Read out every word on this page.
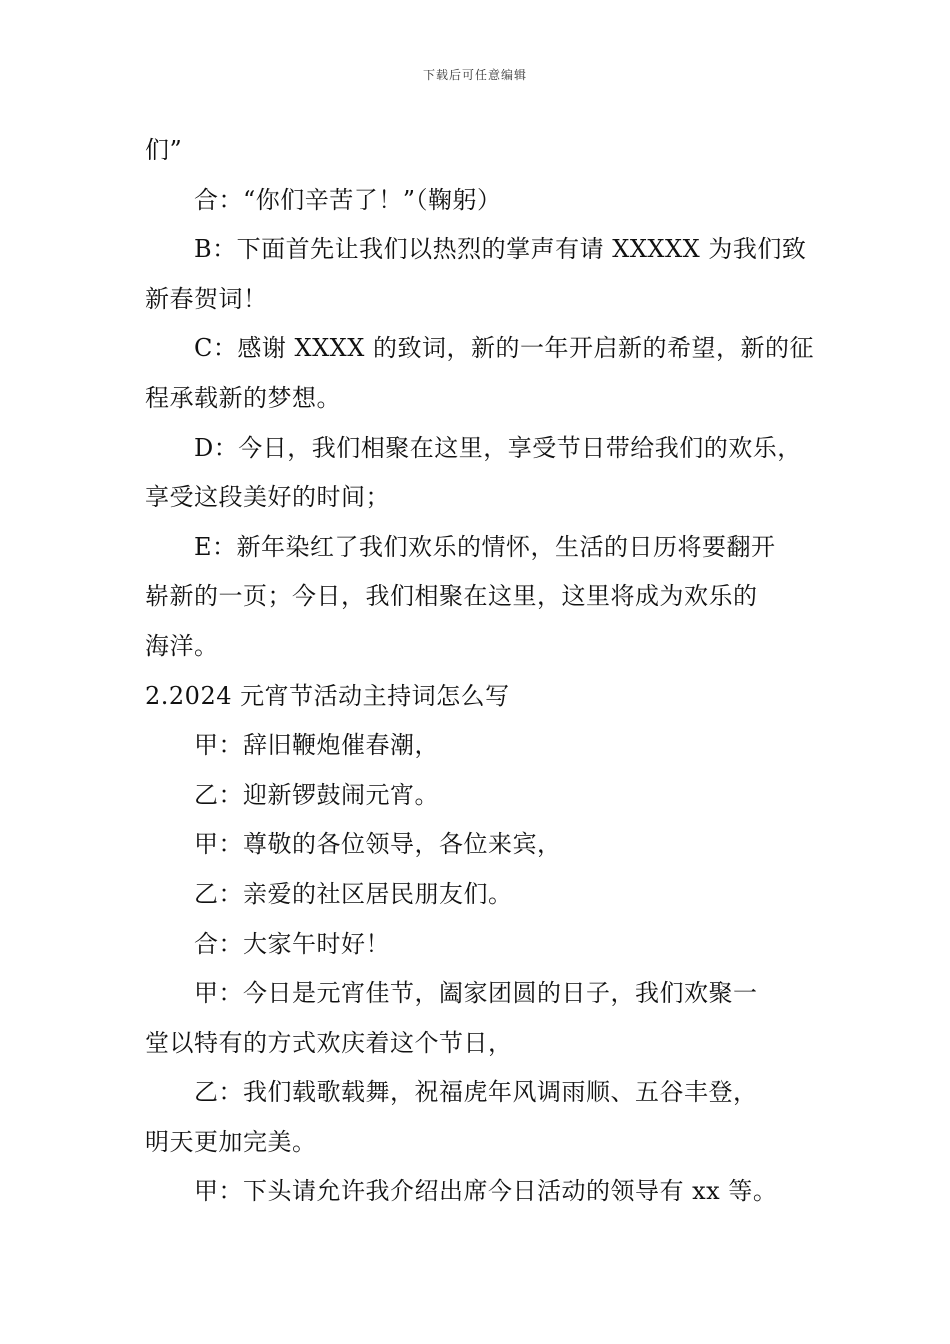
下载后可任意编辑
们”
合：“你们辛苦了！”（鞠躬）
B：下面首先让我们以热烈的掌声有请 XXXXX 为我们致
新春贺词！
C：感谢 XXXX 的致词，新的一年开启新的希望，新的征
程承载新的梦想。
D：今日，我们相聚在这里，享受节日带给我们的欢乐，
享受这段美好的时间；
E：新年染红了我们欢乐的情怀，生活的日历将要翻开
崭新的一页；今日，我们相聚在这里，这里将成为欢乐的
海洋。
2.2024 元宵节活动主持词怎么写
甲：辞旧鞭炮催春潮，
乙：迎新锣鼓闹元宵。
甲：尊敬的各位领导，各位来宾，
乙：亲爱的社区居民朋友们。
合：大家午时好！
甲：今日是元宵佳节，阖家团圆的日子，我们欢聚一
堂以特有的方式欢庆着这个节日，
乙：我们载歌载舞，祝福虎年风调雨顺、五谷丰登，
明天更加完美。
甲：下头请允许我介绍出席今日活动的领导有 xx 等。
